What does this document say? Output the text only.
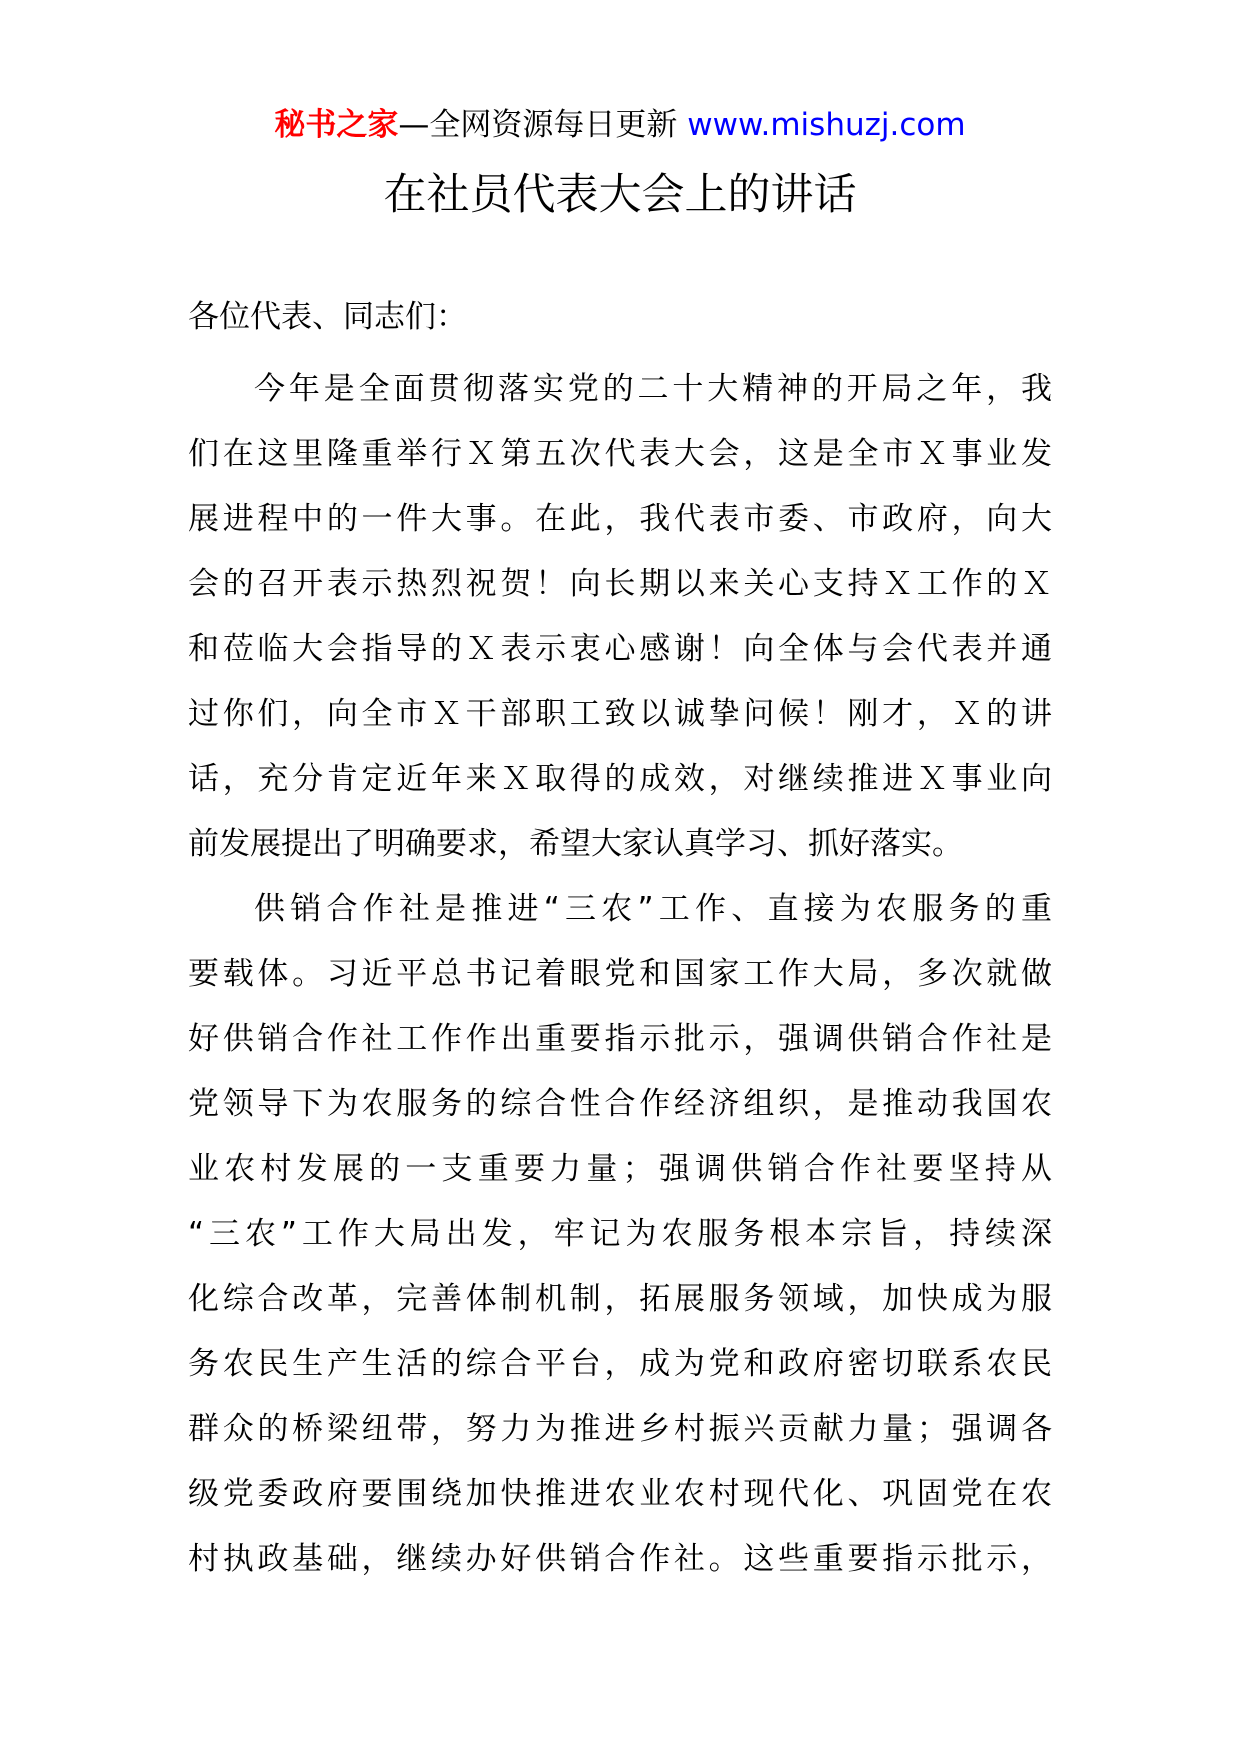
秘书之家—全网资源每日更新 www.mishuzj.com
在社员代表大会上的讲话
各位代表、同志们：
今年是全面贯彻落实党的二十大精神的开局之年，我
们在这里隆重举行Ｘ第五次代表大会，这是全市Ｘ事业发
展进程中的一件大事。在此，我代表市委、市政府，向大
会的召开表示热烈祝贺！向长期以来关心支持Ｘ工作的Ｘ
和莅临大会指导的Ｘ表示衷心感谢！向全体与会代表并通
过你们，向全市Ｘ干部职工致以诚挚问候！刚才，Ｘ的讲
话，充分肯定近年来Ｘ取得的成效，对继续推进Ｘ事业向
前发展提出了明确要求，希望大家认真学习、抓好落实。
供销合作社是推进“三农”工作、直接为农服务的重
要载体。习近平总书记着眼党和国家工作大局，多次就做
好供销合作社工作作出重要指示批示，强调供销合作社是
党领导下为农服务的综合性合作经济组织，是推动我国农
业农村发展的一支重要力量；强调供销合作社要坚持从
“三农”工作大局出发，牢记为农服务根本宗旨，持续深
化综合改革，完善体制机制，拓展服务领域，加快成为服
务农民生产生活的综合平台，成为党和政府密切联系农民
群众的桥梁纽带，努力为推进乡村振兴贡献力量；强调各
级党委政府要围绕加快推进农业农村现代化、巩固党在农
村执政基础，继续办好供销合作社。这些重要指示批示，
